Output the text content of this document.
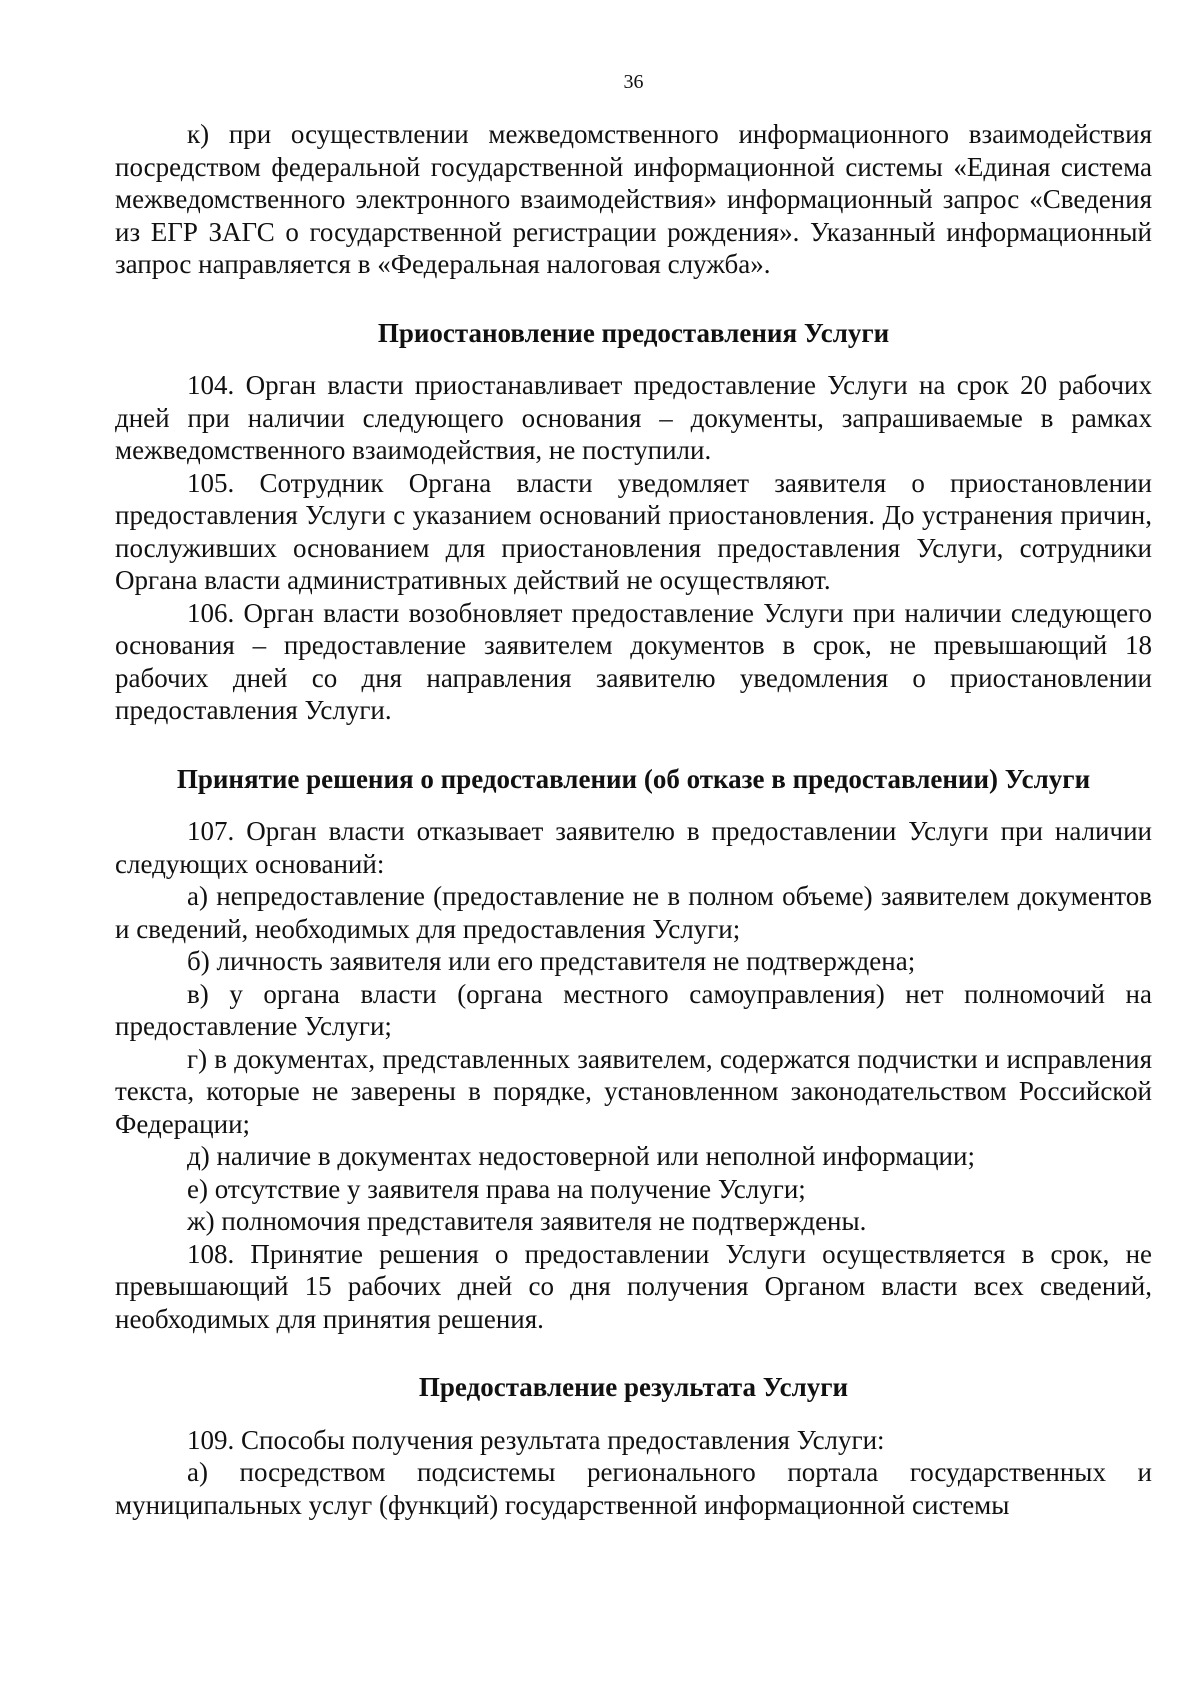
36

к) при осуществлении межведомственного информационного взаимодействия посредством федеральной государственной информационной системы «Единая система межведомственного электронного взаимодействия» информационный запрос «Сведения из ЕГР ЗАГС о государственной регистрации рождения». Указанный информационный запрос направляется в «Федеральная налоговая служба».

Приостановление предоставления Услуги

104. Орган власти приостанавливает предоставление Услуги на срок 20 рабочих дней при наличии следующего основания – документы, запрашиваемые в рамках межведомственного взаимодействия, не поступили.

105. Сотрудник Органа власти уведомляет заявителя о приостановлении предоставления Услуги с указанием оснований приостановления. До устранения причин, послуживших основанием для приостановления предоставления Услуги, сотрудники Органа власти административных действий не осуществляют.

106. Орган власти возобновляет предоставление Услуги при наличии следующего основания – предоставление заявителем документов в срок, не превышающий 18 рабочих дней со дня направления заявителю уведомления о приостановлении предоставления Услуги.

Принятие решения о предоставлении (об отказе в предоставлении) Услуги

107. Орган власти отказывает заявителю в предоставлении Услуги при наличии следующих оснований:

а) непредоставление (предоставление не в полном объеме) заявителем документов и сведений, необходимых для предоставления Услуги;

б) личность заявителя или его представителя не подтверждена;

в) у органа власти (органа местного самоуправления) нет полномочий на предоставление Услуги;

г) в документах, представленных заявителем, содержатся подчистки и исправления текста, которые не заверены в порядке, установленном законодательством Российской Федерации;

д) наличие в документах недостоверной или неполной информации;

е) отсутствие у заявителя права на получение Услуги;

ж) полномочия представителя заявителя не подтверждены.

108. Принятие решения о предоставлении Услуги осуществляется в срок, не превышающий 15 рабочих дней со дня получения Органом власти всех сведений, необходимых для принятия решения.

Предоставление результата Услуги

109. Способы получения результата предоставления Услуги:

а) посредством подсистемы регионального портала государственных и муниципальных услуг (функций) государственной информационной системы
